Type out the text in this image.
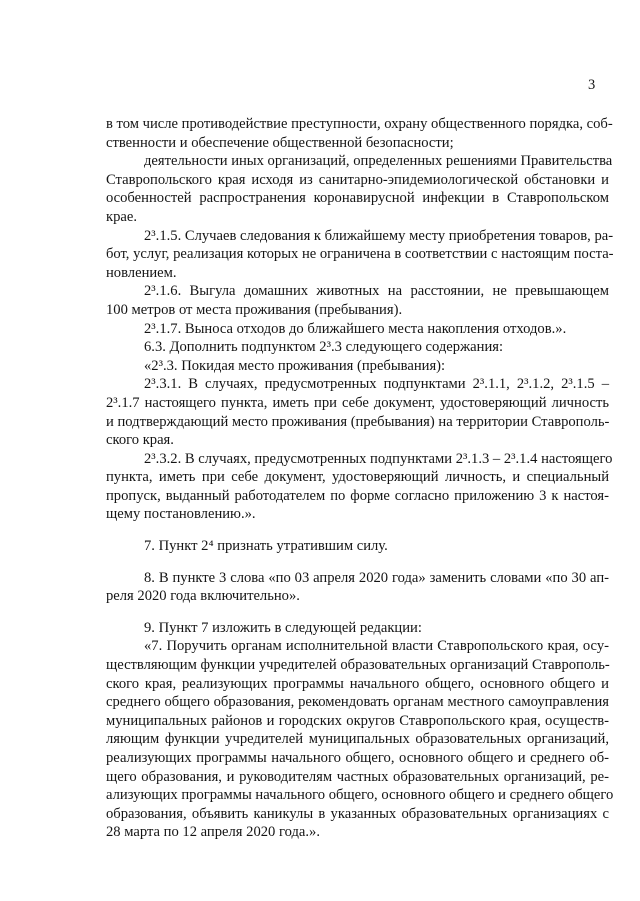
3
в том числе противодействие преступности, охрану общественного порядка, соб-
ственности и обеспечение общественной безопасности;
деятельности иных организаций, определенных решениями Правительства
Ставропольского края исходя из санитарно-эпидемиологической обстановки и
особенностей распространения коронавирусной инфекции в Ставропольском
крае.
2³.1.5. Случаев следования к ближайшему месту приобретения товаров, ра-
бот, услуг, реализация которых не ограничена в соответствии с настоящим поста-
новлением.
2³.1.6. Выгула домашних животных на расстоянии, не превышающем
100 метров от места проживания (пребывания).
2³.1.7. Выноса отходов до ближайшего места накопления отходов.».
6.3. Дополнить подпунктом 2³.3 следующего содержания:
«2³.3. Покидая место проживания (пребывания):
2³.3.1. В случаях, предусмотренных подпунктами 2³.1.1, 2³.1.2, 2³.1.5 –
2³.1.7 настоящего пункта, иметь при себе документ, удостоверяющий личность
и подтверждающий место проживания (пребывания) на территории Ставрополь-
ского края.
2³.3.2. В случаях, предусмотренных подпунктами 2³.1.3 – 2³.1.4 настоящего
пункта, иметь при себе документ, удостоверяющий личность, и специальный
пропуск, выданный работодателем по форме согласно приложению 3 к настоя-
щему постановлению.».
7. Пункт 2⁴ признать утратившим силу.
8. В пункте 3 слова «по 03 апреля 2020 года» заменить словами «по 30 ап-
реля 2020 года включительно».
9. Пункт 7 изложить в следующей редакции:
«7. Поручить органам исполнительной власти Ставропольского края, осу-
ществляющим функции учредителей образовательных организаций Ставрополь-
ского края, реализующих программы начального общего, основного общего и
среднего общего образования, рекомендовать органам местного самоуправления
муниципальных районов и городских округов Ставропольского края, осуществ-
ляющим функции учредителей муниципальных образовательных организаций,
реализующих программы начального общего, основного общего и среднего об-
щего образования, и руководителям частных образовательных организаций, ре-
ализующих программы начального общего, основного общего и среднего общего
образования, объявить каникулы в указанных образовательных организациях с
28 марта по 12 апреля 2020 года.».
